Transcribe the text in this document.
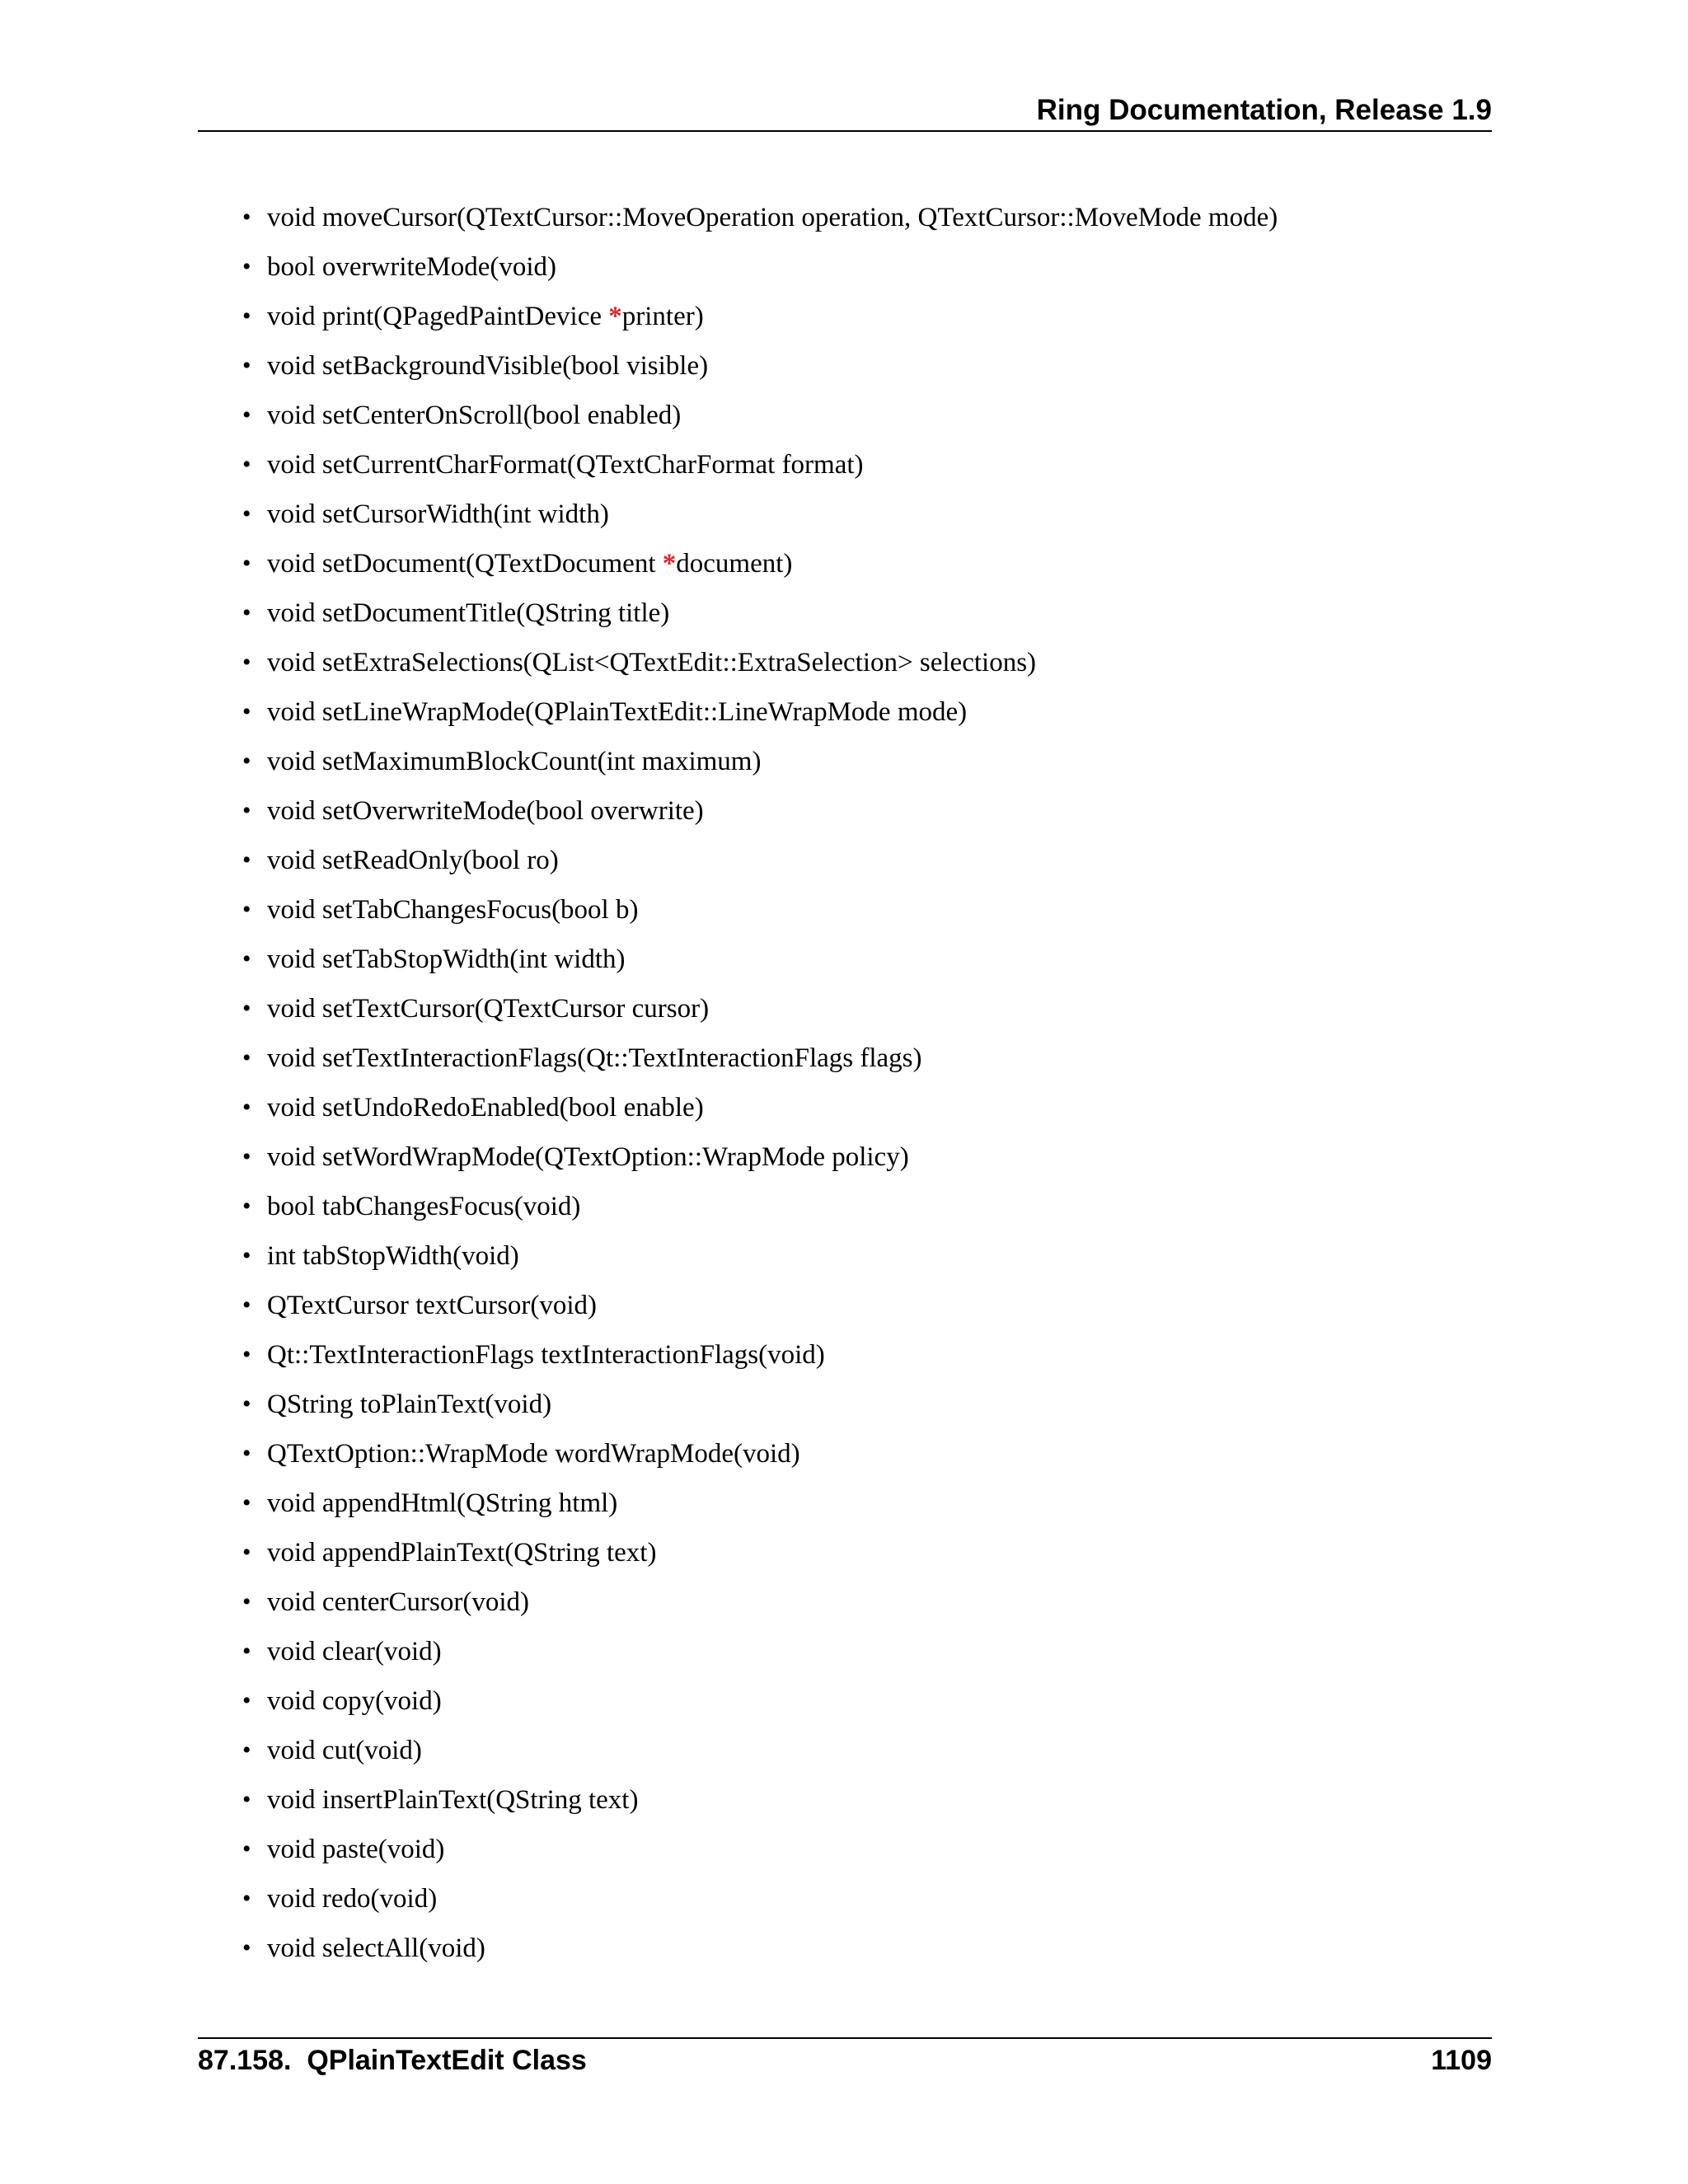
Ring Documentation, Release 1.9
• void moveCursor(QTextCursor::MoveOperation operation, QTextCursor::MoveMode mode)
• bool overwriteMode(void)
• void print(QPagedPaintDevice *printer)
• void setBackgroundVisible(bool visible)
• void setCenterOnScroll(bool enabled)
• void setCurrentCharFormat(QTextCharFormat format)
• void setCursorWidth(int width)
• void setDocument(QTextDocument *document)
• void setDocumentTitle(QString title)
• void setExtraSelections(QList<QTextEdit::ExtraSelection> selections)
• void setLineWrapMode(QPlainTextEdit::LineWrapMode mode)
• void setMaximumBlockCount(int maximum)
• void setOverwriteMode(bool overwrite)
• void setReadOnly(bool ro)
• void setTabChangesFocus(bool b)
• void setTabStopWidth(int width)
• void setTextCursor(QTextCursor cursor)
• void setTextInteractionFlags(Qt::TextInteractionFlags flags)
• void setUndoRedoEnabled(bool enable)
• void setWordWrapMode(QTextOption::WrapMode policy)
• bool tabChangesFocus(void)
• int tabStopWidth(void)
• QTextCursor textCursor(void)
• Qt::TextInteractionFlags textInteractionFlags(void)
• QString toPlainText(void)
• QTextOption::WrapMode wordWrapMode(void)
• void appendHtml(QString html)
• void appendPlainText(QString text)
• void centerCursor(void)
• void clear(void)
• void copy(void)
• void cut(void)
• void insertPlainText(QString text)
• void paste(void)
• void redo(void)
• void selectAll(void)
87.158.  QPlainTextEdit Class	1109
